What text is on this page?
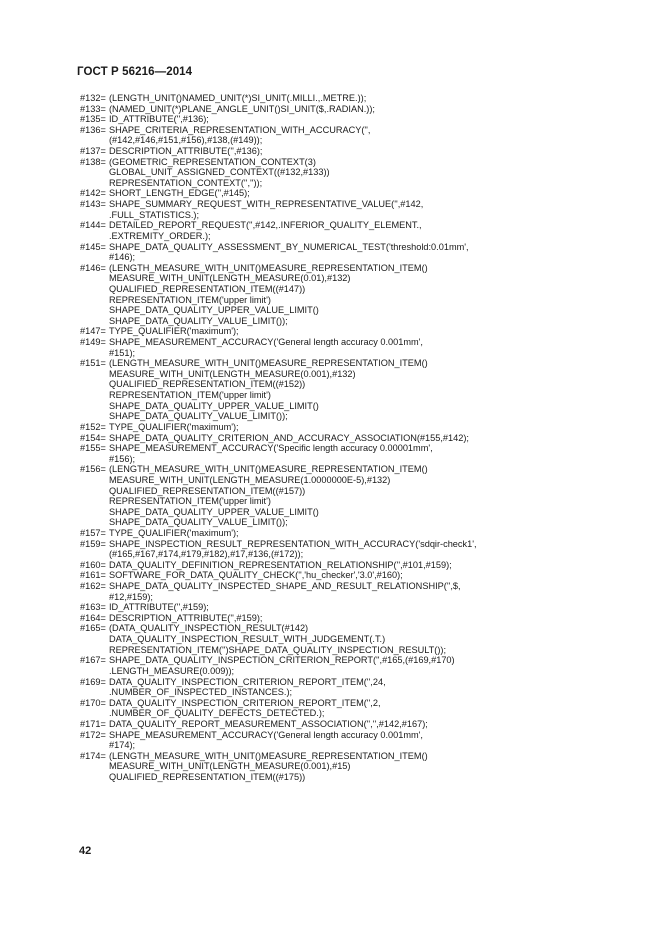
ГОСТ Р 56216—2014
#132= (LENGTH_UNIT()NAMED_UNIT(*)SI_UNIT(.MILLI.,.METRE.));
#133= (NAMED_UNIT(*)PLANE_ANGLE_UNIT()SI_UNIT($,.RADIAN.));
#135= ID_ATTRIBUTE('',#136);
#136= SHAPE_CRITERIA_REPRESENTATION_WITH_ACCURACY('',
(#142,#146,#151,#156),#138,(#149));
#137= DESCRIPTION_ATTRIBUTE('',#136);
#138= (GEOMETRIC_REPRESENTATION_CONTEXT(3)
GLOBAL_UNIT_ASSIGNED_CONTEXT((#132,#133))
REPRESENTATION_CONTEXT('',''));
#142= SHORT_LENGTH_EDGE('',#145);
#143= SHAPE_SUMMARY_REQUEST_WITH_REPRESENTATIVE_VALUE('',#142,
.FULL_STATISTICS.);
#144= DETAILED_REPORT_REQUEST('',#142,.INFERIOR_QUALITY_ELEMENT.,
.EXTREMITY_ORDER.);
#145= SHAPE_DATA_QUALITY_ASSESSMENT_BY_NUMERICAL_TEST('threshold:0.01mm',
#146);
#146= (LENGTH_MEASURE_WITH_UNIT()MEASURE_REPRESENTATION_ITEM()
MEASURE_WITH_UNIT(LENGTH_MEASURE(0.01),#132)
QUALIFIED_REPRESENTATION_ITEM((#147))
REPRESENTATION_ITEM('upper limit')
SHAPE_DATA_QUALITY_UPPER_VALUE_LIMIT()
SHAPE_DATA_QUALITY_VALUE_LIMIT());
#147= TYPE_QUALIFIER('maximum');
#149= SHAPE_MEASUREMENT_ACCURACY('General length accuracy 0.001mm',
#151);
#151= (LENGTH_MEASURE_WITH_UNIT()MEASURE_REPRESENTATION_ITEM()
MEASURE_WITH_UNIT(LENGTH_MEASURE(0.001),#132)
QUALIFIED_REPRESENTATION_ITEM((#152))
REPRESENTATION_ITEM('upper limit')
SHAPE_DATA_QUALITY_UPPER_VALUE_LIMIT()
SHAPE_DATA_QUALITY_VALUE_LIMIT());
#152= TYPE_QUALIFIER('maximum');
#154= SHAPE_DATA_QUALITY_CRITERION_AND_ACCURACY_ASSOCIATION(#155,#142);
#155= SHAPE_MEASUREMENT_ACCURACY('Specific length accuracy 0.00001mm',
#156);
#156= (LENGTH_MEASURE_WITH_UNIT()MEASURE_REPRESENTATION_ITEM()
MEASURE_WITH_UNIT(LENGTH_MEASURE(1.0000000E-5),#132)
QUALIFIED_REPRESENTATION_ITEM((#157))
REPRESENTATION_ITEM('upper limit')
SHAPE_DATA_QUALITY_UPPER_VALUE_LIMIT()
SHAPE_DATA_QUALITY_VALUE_LIMIT());
#157= TYPE_QUALIFIER('maximum');
#159= SHAPE_INSPECTION_RESULT_REPRESENTATION_WITH_ACCURACY('sdqir-check1',
(#165,#167,#174,#179,#182),#17,#136,(#172));
#160= DATA_QUALITY_DEFINITION_REPRESENTATION_RELATIONSHIP('',#101,#159);
#161= SOFTWARE_FOR_DATA_QUALITY_CHECK('','hu_checker','3.0',#160);
#162= SHAPE_DATA_QUALITY_INSPECTED_SHAPE_AND_RESULT_RELATIONSHIP('',$,
#12,#159);
#163= ID_ATTRIBUTE('',#159);
#164= DESCRIPTION_ATTRIBUTE('',#159);
#165= (DATA_QUALITY_INSPECTION_RESULT(#142)
DATA_QUALITY_INSPECTION_RESULT_WITH_JUDGEMENT(.T.)
REPRESENTATION_ITEM('')SHAPE_DATA_QUALITY_INSPECTION_RESULT());
#167= SHAPE_DATA_QUALITY_INSPECTION_CRITERION_REPORT('',#165,(#169,#170)
.LENGTH_MEASURE(0.009));
#169= DATA_QUALITY_INSPECTION_CRITERION_REPORT_ITEM('',24,
.NUMBER_OF_INSPECTED_INSTANCES.);
#170= DATA_QUALITY_INSPECTION_CRITERION_REPORT_ITEM('',2,
.NUMBER_OF_QUALITY_DEFECTS_DETECTED.);
#171= DATA_QUALITY_REPORT_MEASUREMENT_ASSOCIATION('','',#142,#167);
#172= SHAPE_MEASUREMENT_ACCURACY('General length accuracy 0.001mm',
#174);
#174= (LENGTH_MEASURE_WITH_UNIT()MEASURE_REPRESENTATION_ITEM()
MEASURE_WITH_UNIT(LENGTH_MEASURE(0.001),#15)
QUALIFIED_REPRESENTATION_ITEM((#175))
42
